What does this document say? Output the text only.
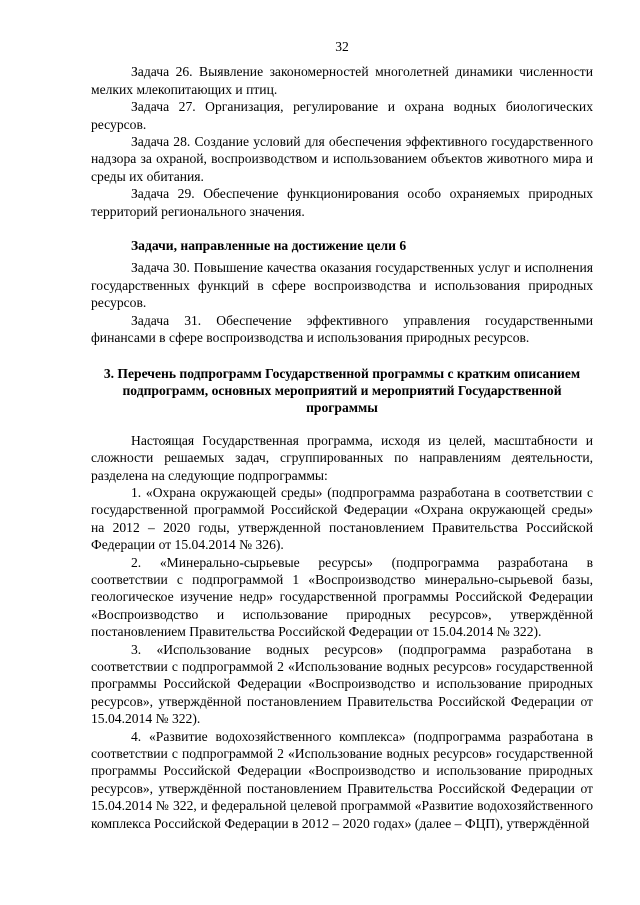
32

Задача 26. Выявление закономерностей многолетней динамики численности мелких млекопитающих и птиц.

Задача 27. Организация, регулирование и охрана водных биологических ресурсов.

Задача 28. Создание условий для обеспечения эффективного государственного надзора за охраной, воспроизводством и использованием объектов животного мира и среды их обитания.

Задача 29. Обеспечение функционирования особо охраняемых природных территорий регионального значения.

Задачи, направленные на достижение цели 6

Задача 30. Повышение качества оказания государственных услуг и исполнения государственных функций в сфере воспроизводства и использования природных ресурсов.

Задача 31. Обеспечение эффективного управления государственными финансами в сфере воспроизводства и использования природных ресурсов.

3. Перечень подпрограмм Государственной программы с кратким описанием подпрограмм, основных мероприятий и мероприятий Государственной программы

Настоящая Государственная программа, исходя из целей, масштабности и сложности решаемых задач, сгруппированных по направлениям деятельности, разделена на следующие подпрограммы:

1. «Охрана окружающей среды» (подпрограмма разработана в соответствии с государственной программой Российской Федерации «Охрана окружающей среды» на 2012 – 2020 годы, утвержденной постановлением Правительства Российской Федерации от 15.04.2014 № 326).

2. «Минерально-сырьевые ресурсы» (подпрограмма разработана в соответствии с подпрограммой 1 «Воспроизводство минерально-сырьевой базы, геологическое изучение недр» государственной программы Российской Федерации «Воспроизводство и использование природных ресурсов», утверждённой постановлением Правительства Российской Федерации от 15.04.2014 № 322).

3. «Использование водных ресурсов» (подпрограмма разработана в соответствии с подпрограммой 2 «Использование водных ресурсов» государственной программы Российской Федерации «Воспроизводство и использование природных ресурсов», утверждённой постановлением Правительства Российской Федерации от 15.04.2014 № 322).

4. «Развитие водохозяйственного комплекса» (подпрограмма разработана в соответствии с подпрограммой 2 «Использование водных ресурсов» государственной программы Российской Федерации «Воспроизводство и использование природных ресурсов», утверждённой постановлением Правительства Российской Федерации от 15.04.2014 № 322, и федеральной целевой программой «Развитие водохозяйственного комплекса Российской Федерации в 2012 – 2020 годах» (далее – ФЦП), утверждённой
